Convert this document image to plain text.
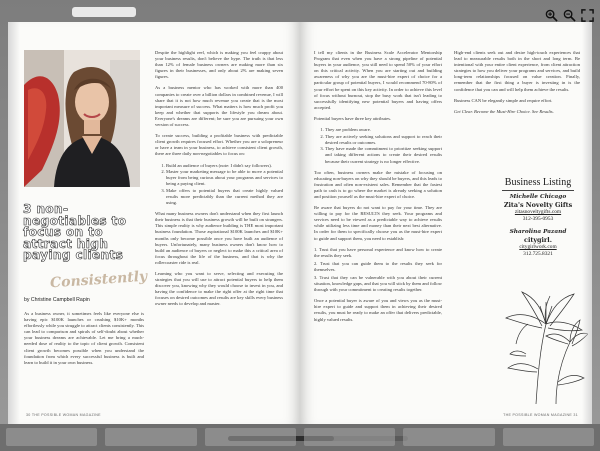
3 non-negotiables to focus on to attract high paying clients
Consistently
by Christine Campbell Rapin

As a business owner, it sometimes feels like everyone else is having epic $100K launches or crushing $10K+ months effortlessly while you struggle to attract clients consistently. This can lead to comparison and spirals of self-doubt about whether your business dreams are achievable. Let me bring a much-needed dose of reality to the topic of client growth. Consistent client growth becomes possible when you understand the foundation from which every successful business is built and learn to build it in your own business.

Despite the highlight reel, which is making you feel crappy about your business results, don't believe the hype. The truth is that less than 12% of female business owners are making more than six figures in their businesses, and only about 2% are making seven figures.

As a business mentor who has worked with more than 400 companies to create over a billion dollars in combined revenue, I will share that it is not how much revenue you create that is the most important measure of success. What matters is how much profit you keep and whether that supports the lifestyle you dream about. Everyone's dreams are different; be sure you are pursuing your own version of success.

To create success, building a profitable business with predictable client growth requires focused effort. Whether you are a solopreneur or have a team in your business, to achieve consistent client growth, there are three daily non-negotiables to focus on:

1. Build an audience of buyers (note: I didn't say followers).
2. Master your marketing message to be able to move a potential buyer from being curious about your programs and services to being a paying client.
3. Make offers to potential buyers that create highly valued results more predictably than the current method they are using.

What many business owners don't understand when they first launch their business is that their business growth will be built on strangers. This simple reality is why audience building is THE most important business foundation. Those aspirational $100K launches and $10K+ months only become possible once you have built an audience of buyers. Unfortunately, many business owners don't know how to build an audience of buyers or neglect to make this a critical area of focus throughout the life of the business, and that is why the rollercoaster ride is real.

Learning who you want to serve, selecting and executing the strategies that you will use to attract potential buyers to help them discover you, knowing why they would choose to invest in you, and having the confidence to make the right offer at the right time that focuses on desired outcomes and results are key skills every business owner needs to develop and master.

30 THE POSSIBLE WOMAN MAGAZINE

I tell my clients in the Business Scale Accelerator Mentorship Program that even when you have a strong pipeline of potential buyers in your audience, you still need to spend 50% of your effort on this critical activity. When you are starting out and building awareness of why you are the must-hire expert of choice for a particular group of potential buyers, I would recommend 70-80% of your effort be spent on this key activity. In order to achieve this level of focus without burnout, stop the busy work that isn't leading to successfully identifying new potential buyers and having offers accepted.

Potential buyers have three key attributes.

1. They are problem aware.
2. They are actively seeking solutions and support to reach their desired results or outcomes.
3. They have made the commitment to prioritize seeking support and taking different actions to create their desired results because their current strategy is no longer effective.

Too often, business owners make the mistake of focusing on educating non-buyers on why they should be buyers, and this leads to frustration and often non-existent sales. Remember that the fastest path to cash is to go where the market is already seeking a solution and position yourself as the must-hire expert of choice.

Be aware that buyers do not want to pay for your time. They are willing to pay for the RESULTS they seek. Your programs and services need to be viewed as a predictable way to achieve results while utilizing less time and money than their next best alternative. In order for them to specifically choose you as the must-hire expert to guide and support them, you need to establish:

1. Trust that you have personal experience and know how to create the results they seek.

2. Trust that you can guide them to the results they seek for themselves.

3. Trust that they can be vulnerable with you about their current situation, knowledge gaps, and that you will stick by them and follow through with your commitment to creating results together.

Once a potential buyer is aware of you and views you as the must-hire expert to guide and support them in achieving their desired results, you must be ready to make an offer that delivers predictable, highly valued results.

High-end clients seek out and desire high-touch experiences that lead to measurable results both in the short and long term. Be intentional with your entire client experience, from client attraction strategies to how you deliver your programs and services, and build long-term relationships focused on value creation. Finally, remember that the first thing a buyer is investing in is the confidence that you can and will help them achieve the results.

Business CAN be elegantly simple and require effort.

Get Clear. Become the Must-Hire Choice. See Results.

Business Listing
Michelle Chicago
Zita's Novelty Gifts
zitasnoveltygifts.com
312-395-0953
Sharolina Pazand
citygirl.
citygirlwork.com
312.725.8321
THE POSSIBLE WOMAN MAGAZINE 31
